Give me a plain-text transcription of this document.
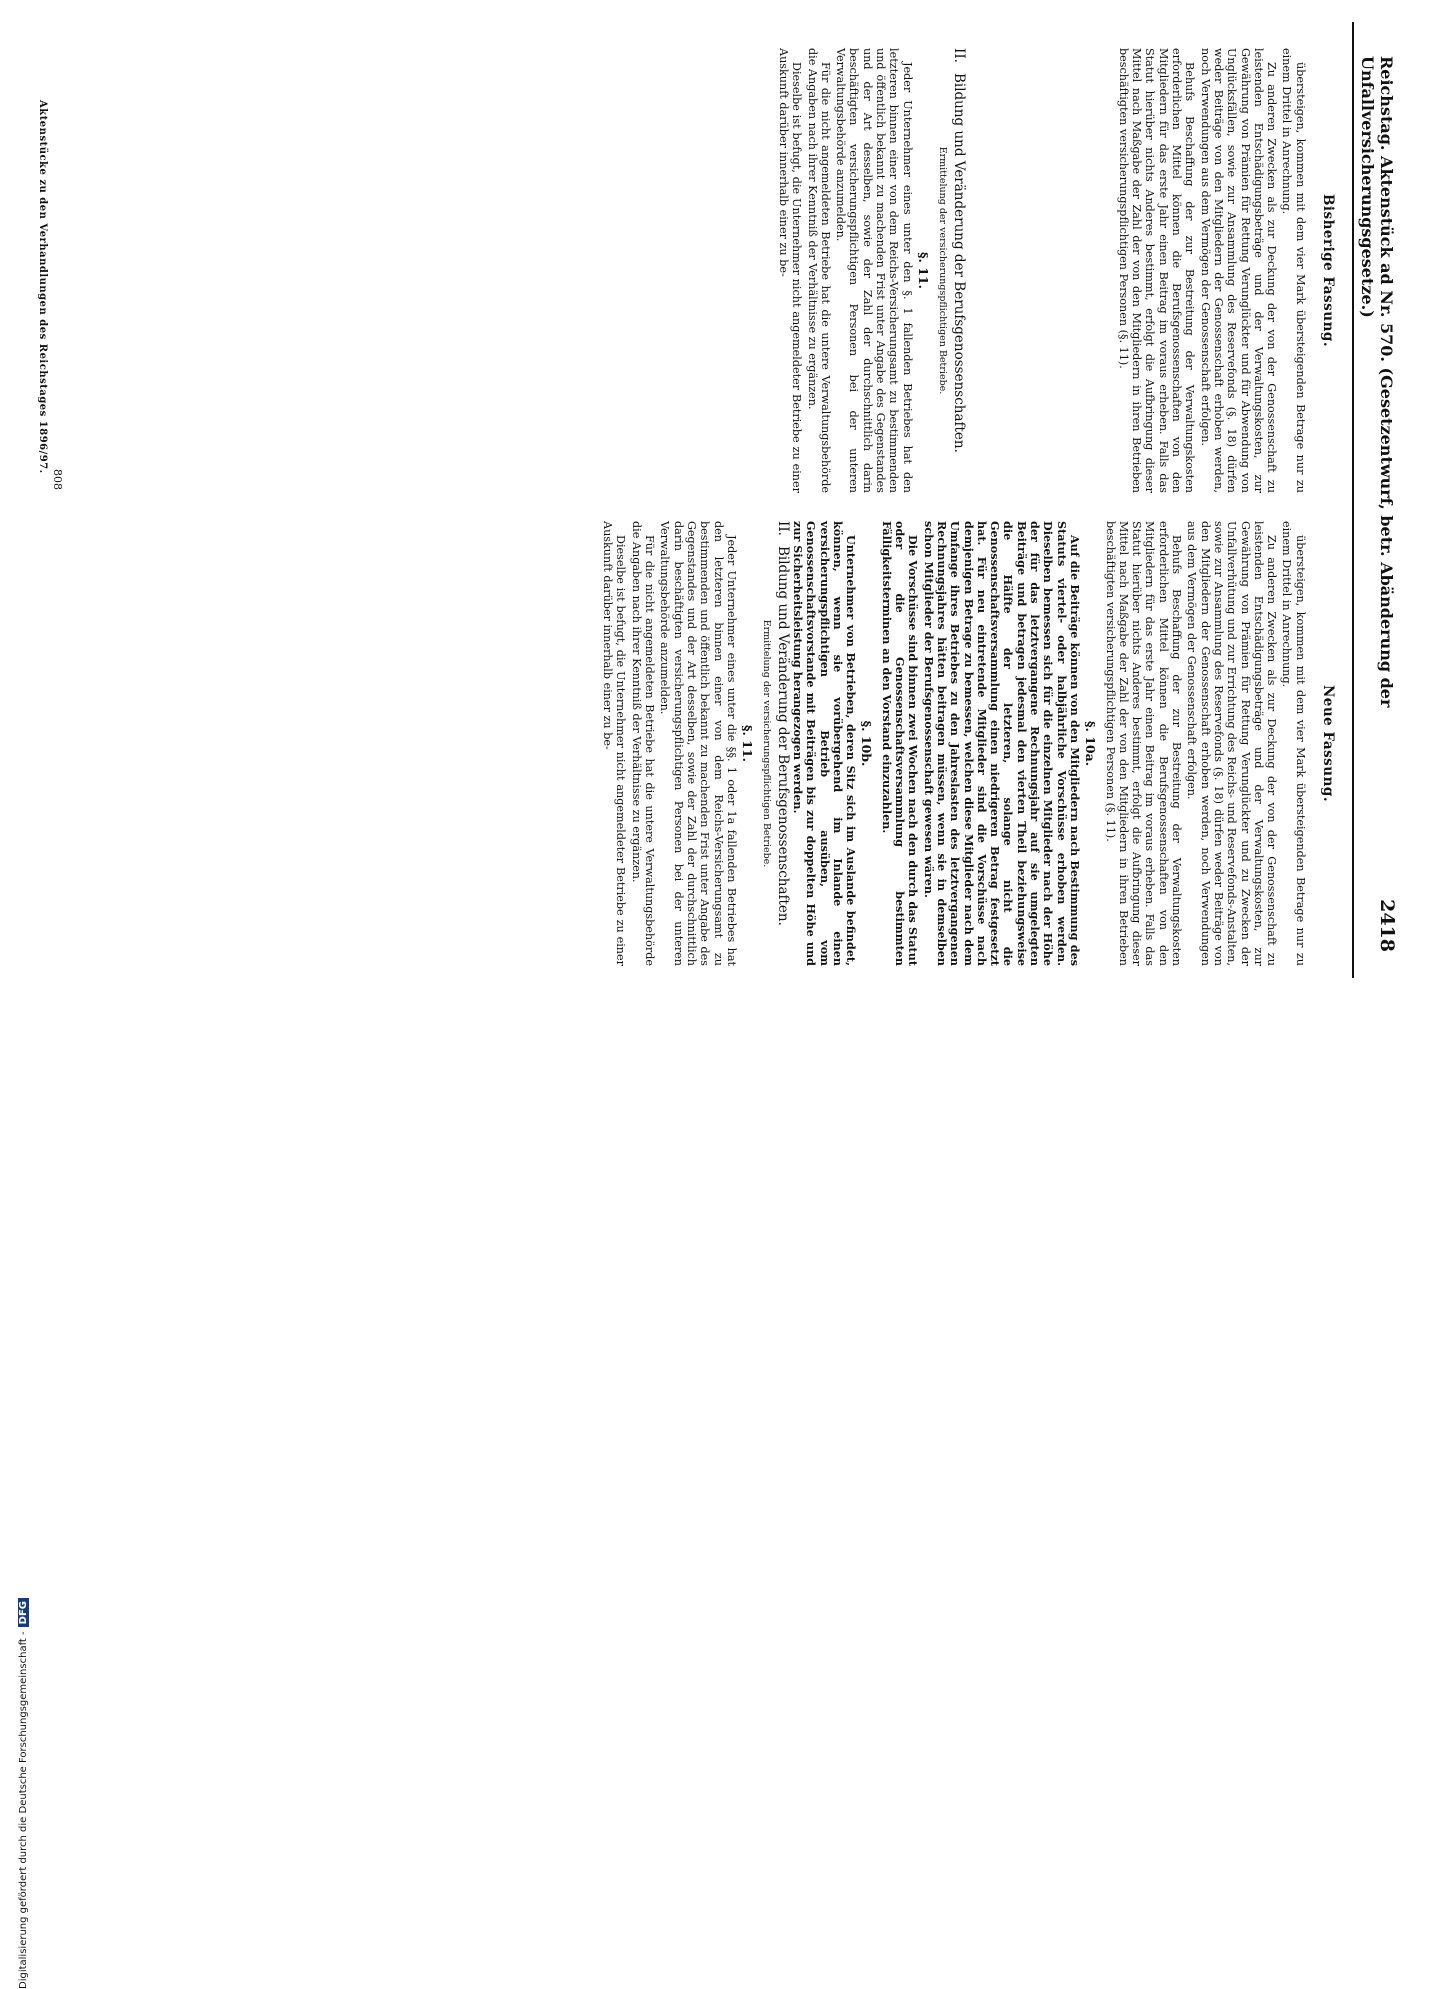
Reichstag. Aktenstück ad Nr. 570. (Gesetzentwurf, betr. Abänderung der Unfallversicherungsgesetze.)
2418
Bisherige Fassung.

übersteigen, kommen mit dem vier Mark übersteigenden Betrage nur zu einem Drittel in Anrechnung.

Zu anderen Zwecken als zur Deckung der von der Genossenschaft zu leistenden Entschädigungsbeträge und der Verwaltungskosten, zur Gewährung von Prämien für Rettung Verunglückter und für Abwendung von Unglücksfällen, sowie zur Ansammlung des Reservefonds (§. 18) dürfen weder Beiträge von den Mitgliedern der Genossenschaft erhoben werden, noch Verwendungen aus dem Vermögen der Genossenschaft erfolgen.

Behufs Beschaffung der zur Bestreitung der Verwaltungskosten erforderlichen Mittel können die Berufsgenossenschaften von den Mitgliedern für das erste Jahr einen Beitrag im voraus erheben. Falls das Statut hierüber nichts Anderes bestimmt, erfolgt die Aufbringung dieser Mittel nach Maßgabe der Zahl der von den Mitgliedern in ihren Betrieben beschäftigten versicherungspflichtigen Personen (§. 11).

II.Bildung und Veränderung der Berufsgenossenschaften.

Ermittelung der versicherungspflichtigen Betriebe.
§. 11.

Jeder Unternehmer eines unter den §. 1 fallenden Betriebes hat den letzteren binnen einer von dem Reichs-Versicherungsamt zu bestimmenden und öffentlich bekannt zu machenden Frist unter Angabe des Gegenstandes und der Art desselben, sowie der Zahl der durchschnittlich darin beschäftigten versicherungspflichtigen Personen bei der unteren Verwaltungsbehörde anzumelden.

Für die nicht angemeldeten Betriebe hat die untere Verwaltungsbehörde die Angaben nach ihrer Kenntniß der Verhältnisse zu ergänzen.

Dieselbe ist befugt, die Unternehmer nicht angemeldeter Betriebe zu einer Auskunft darüber innerhalb einer zu be-

Neue Fassung.

übersteigen, kommen mit dem vier Mark übersteigenden Betrage nur zu einem Drittel in Anrechnung.

Zu anderen Zwecken als zur Deckung der von der Genossenschaft zu leistenden Entschädigungsbeträge und der Verwaltungskosten, zur Gewährung von Prämien für Rettung Verunglückter und zu Zwecken der Unfallverhütung und zur Errichtung des Reichs- und Reservefonds-Anstalten, sowie zur Ansammlung des Reservefonds (§. 18) dürfen weder Beiträge von den Mitgliedern der Genossenschaft erhoben werden, noch Verwendungen aus dem Vermögen der Genossenschaft erfolgen.

Behufs Beschaffung der zur Bestreitung der Verwaltungskosten erforderlichen Mittel können die Berufsgenossenschaften von den Mitgliedern für das erste Jahr einen Beitrag im voraus erheben. Falls das Statut hierüber nichts Anderes bestimmt, erfolgt die Aufbringung dieser Mittel nach Maßgabe der Zahl der von den Mitgliedern in ihren Betrieben beschäftigten versicherungspflichtigen Personen (§. 11).

§. 10a.

Auf die Beiträge können von den Mitgliedern nach Bestimmung des Statuts viertel- oder halbjährliche Vorschüsse erhoben werden. Dieselben bemessen sich für die einzelnen Mitglieder nach der Höhe der für das letztvergangene Rechnungsjahr auf sie umgelegten Beiträge und betragen jedesmal den vierten Theil beziehungsweise die Hälfte der letzteren, solange nicht die Genossenschaftsversammlung einen niedrigeren Betrag festgesetzt hat. Für neu eintretende Mitglieder sind die Vorschüsse nach demjenigen Betrage zu bemessen, welchen diese Mitglieder nach dem Umfange ihres Betriebes zu den Jahreslasten des letztvergangenen Rechnungsjahres hätten beitragen müssen, wenn sie in demselben schon Mitglieder der Berufsgenossenschaft gewesen wären.

Die Vorschüsse sind binnen zwei Wochen nach den durch das Statut oder die Genossenschaftsversammlung bestimmten Fälligkeitsterminen an den Vorstand einzuzahlen.

§. 10b.

Unternehmer von Betrieben, deren Sitz sich im Auslande befindet, können, wenn sie vorübergehend im Inlande einen versicherungspflichtigen Betrieb ausüben, vom Genossenschaftsvorstande mit Beiträgen bis zur doppelten Höhe und zur Sicherheitsleistung herangezogen werden.

II.Bildung und Veränderung der Berufsgenossenschaften.

Ermittelung der versicherungspflichtigen Betriebe.
§. 11.

Jeder Unternehmer eines unter die §§. 1 oder 1a fallenden Betriebes hat den letzteren binnen einer von dem Reichs-Versicherungsamt zu bestimmenden und öffentlich bekannt zu machenden Frist unter Angabe des Gegenstandes und der Art desselben, sowie der Zahl der durchschnittlich darin beschäftigten versicherungspflichtigen Personen bei der unteren Verwaltungsbehörde anzumelden.

Für die nicht angemeldeten Betriebe hat die untere Verwaltungsbehörde die Angaben nach ihrer Kenntniß der Verhältnisse zu ergänzen.

Dieselbe ist befugt, die Unternehmer nicht angemeldeter Betriebe zu einer Auskunft darüber innerhalb einer zu be-

808
Aktenstücke zu den Verhandlungen des Reichstages 1896/97.
Digitalisierung gefördert durch die Deutsche Forschungsgemeinschaft -
DFG
